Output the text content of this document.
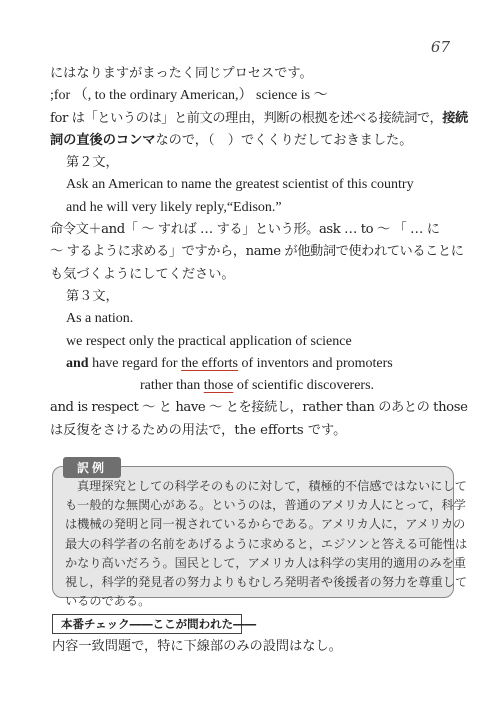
67
にはなりますがまったく同じプロセスです。
;for （, to the ordinary American,） science is 〜
for は「というのは」と前文の理由，判断の根拠を述べる接続詞で，接続
詞の直後のコンマなので，（　）でくくりだしておきました。
第２文，
Ask an American to name the greatest scientist of this country
and he will very likely reply,“Edison.”
命令文＋and「 〜 すれば … する」という形。ask … to 〜 「 … に
〜 するように求める」ですから，name が他動詞で使われていることに
も気づくようにしてください。
第３文，
As a nation.
we respect only the practical application of science
and have regard for the efforts of inventors and promoters
rather than those of scientific discoverers.
and is respect 〜 と have 〜 とを接続し，rather than のあとの those
は反復をさけるための用法で，the efforts です。
訳例
真理探究としての科学そのものに対して，積極的不信感ではないにして
も一般的な無関心がある。というのは，普通のアメリカ人にとって，科学
は機械の発明と同一視されているからである。アメリカ人に，アメリカの
最大の科学者の名前をあげるように求めると，エジソンと答える可能性は
かなり高いだろう。国民として，アメリカ人は科学の実用的適用のみを重
視し，科学的発見者の努力よりもむしろ発明者や後援者の努力を尊重して
いるのである。
本番チェック――ここが問われた――
内容一致問題で，特に下線部のみの設問はなし。
